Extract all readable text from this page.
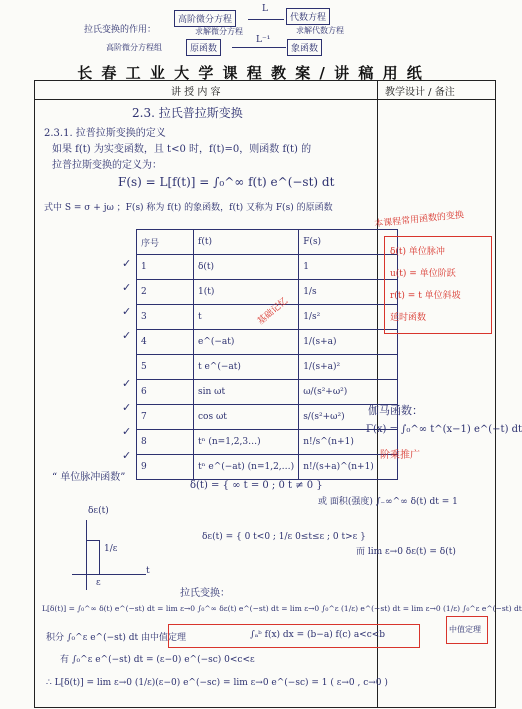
拉氏变换的作用：
高阶微分方程组
高阶微分方程	代数方程
原函数	象函数
L
L⁻¹
求解微分方程	求解代数方程
长 春 工 业 大 学 课 程 教 案 / 讲 稿 用 纸
讲 授 内 容	教学设计 / 备注
2.3. 拉氏普拉斯变换
2.3.1. 拉普拉斯变换的定义
如果 f(t) 为实变函数，且 t<0 时，f(t)=0，则函数 f(t) 的
拉普拉斯变换的定义为：
F(s) = L[f(t)] = ∫₀^∞ f(t) e^(−st) dt
式中 S = σ + jω ；F(s) 称为 f(t) 的象函数，f(t) 又称为 F(s) 的原函数
序号	f(t)	F(s)
1	δ(t)	1
2	1(t)	1/s
3	t	1/s²
4	e^(−at)	1/(s+a)
5	t e^(−at)	1/(s+a)²
6	sin ωt	ω/(s²+ω²)
7	cos ωt	s/(s²+ω²)
8	tⁿ (n=1,2,3…)	n!/s^(n+1)
9	tⁿ e^(−at) (n=1,2,…)	n!/(s+a)^(n+1)
✓
✓
✓
✓
✓
✓
✓
✓
基础记忆
本课程常用函数的变换
δ(t) 单位脉冲
u(t) = 单位阶跃
r(t) = t 单位斜坡
延时函数
伽马函数：
Γ(x) = ∫₀^∞ t^(x−1) e^(−t) dt
阶乘推广
“ 单位脉冲函数”
δ(t) = { ∞ t = 0 ; 0 t ≠ 0 }
或 面积(强度) ∫₋∞^∞ δ(t) dt = 1
δε(t)
1/ε
t
ε
δε(t) = { 0 t<0 ; 1/ε 0≤t≤ε ; 0 t>ε }
而 lim ε→0 δε(t) = δ(t)
拉氏变换：
L[δ(t)] = ∫₀^∞ δ(t) e^(−st) dt = lim ε→0 ∫₀^∞ δε(t) e^(−st) dt = lim ε→0 ∫₀^ε (1/ε) e^(−st) dt = lim ε→0 (1/ε) ∫₀^ε e^(−st) dt
积分 ∫₀^ε e^(−st) dt 由中值定理	∫ₐᵇ f(x) dx = (b−a) f(c) a<c<b
中值定理
有 ∫₀^ε e^(−st) dt = (ε−0) e^(−sc) 0<c<ε
∴ L[δ(t)] = lim ε→0 (1/ε)(ε−0) e^(−sc) = lim ε→0 e^(−sc) = 1 ( ε→0 , c→0 )
